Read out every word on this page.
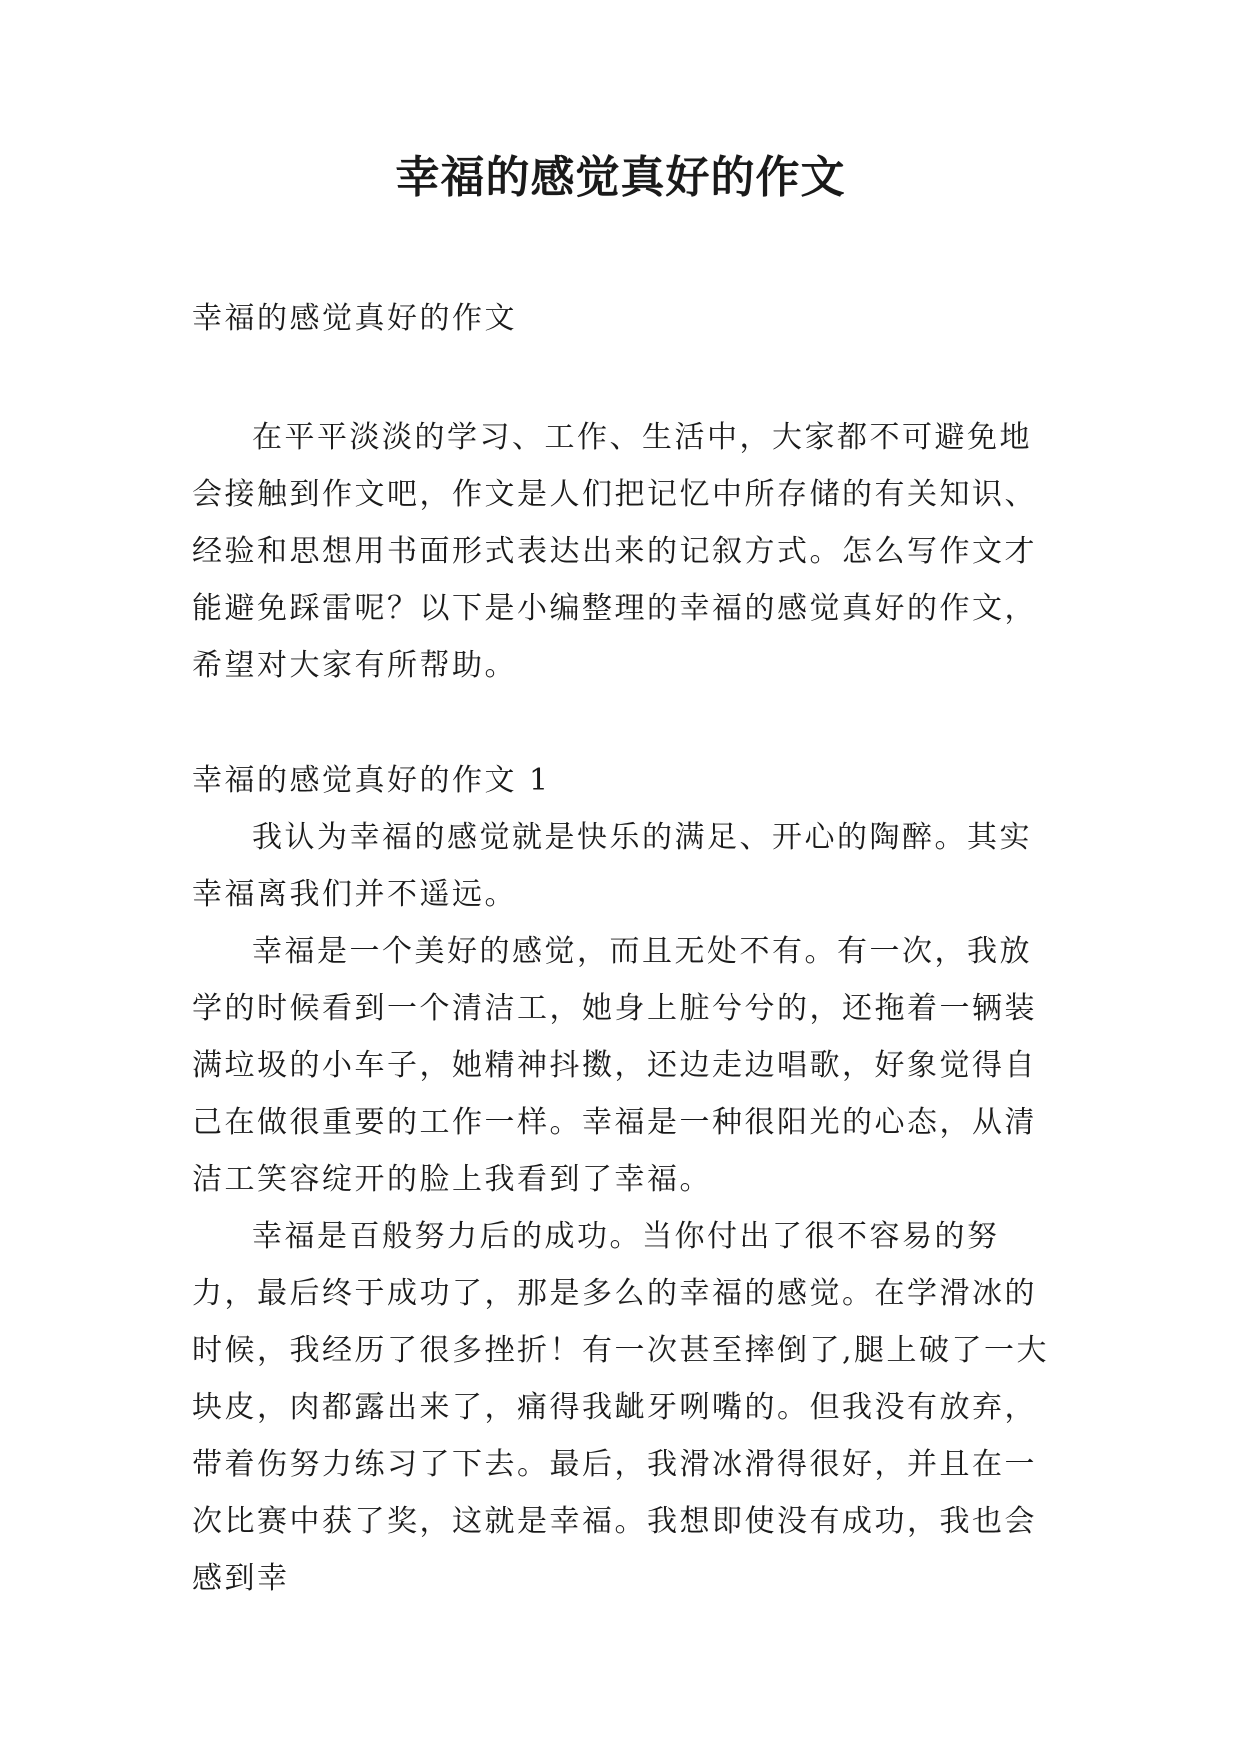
幸福的感觉真好的作文

幸福的感觉真好的作文

在平平淡淡的学习、工作、生活中，大家都不可避免地会接触到作文吧，作文是人们把记忆中所存储的有关知识、经验和思想用书面形式表达出来的记叙方式。怎么写作文才能避免踩雷呢？以下是小编整理的幸福的感觉真好的作文，希望对大家有所帮助。

幸福的感觉真好的作文 1

我认为幸福的感觉就是快乐的满足、开心的陶醉。其实幸福离我们并不遥远。

幸福是一个美好的感觉，而且无处不有。有一次，我放学的时候看到一个清洁工，她身上脏兮兮的，还拖着一辆装满垃圾的小车子，她精神抖擞，还边走边唱歌，好象觉得自己在做很重要的工作一样。幸福是一种很阳光的心态，从清洁工笑容绽开的脸上我看到了幸福。

幸福是百般努力后的成功。当你付出了很不容易的努力，最后终于成功了，那是多么的幸福的感觉。在学滑冰的时候，我经历了很多挫折！有一次甚至摔倒了,腿上破了一大块皮，肉都露出来了，痛得我龇牙咧嘴的。但我没有放弃，带着伤努力练习了下去。最后，我滑冰滑得很好，并且在一次比赛中获了奖，这就是幸福。我想即使没有成功，我也会感到幸
